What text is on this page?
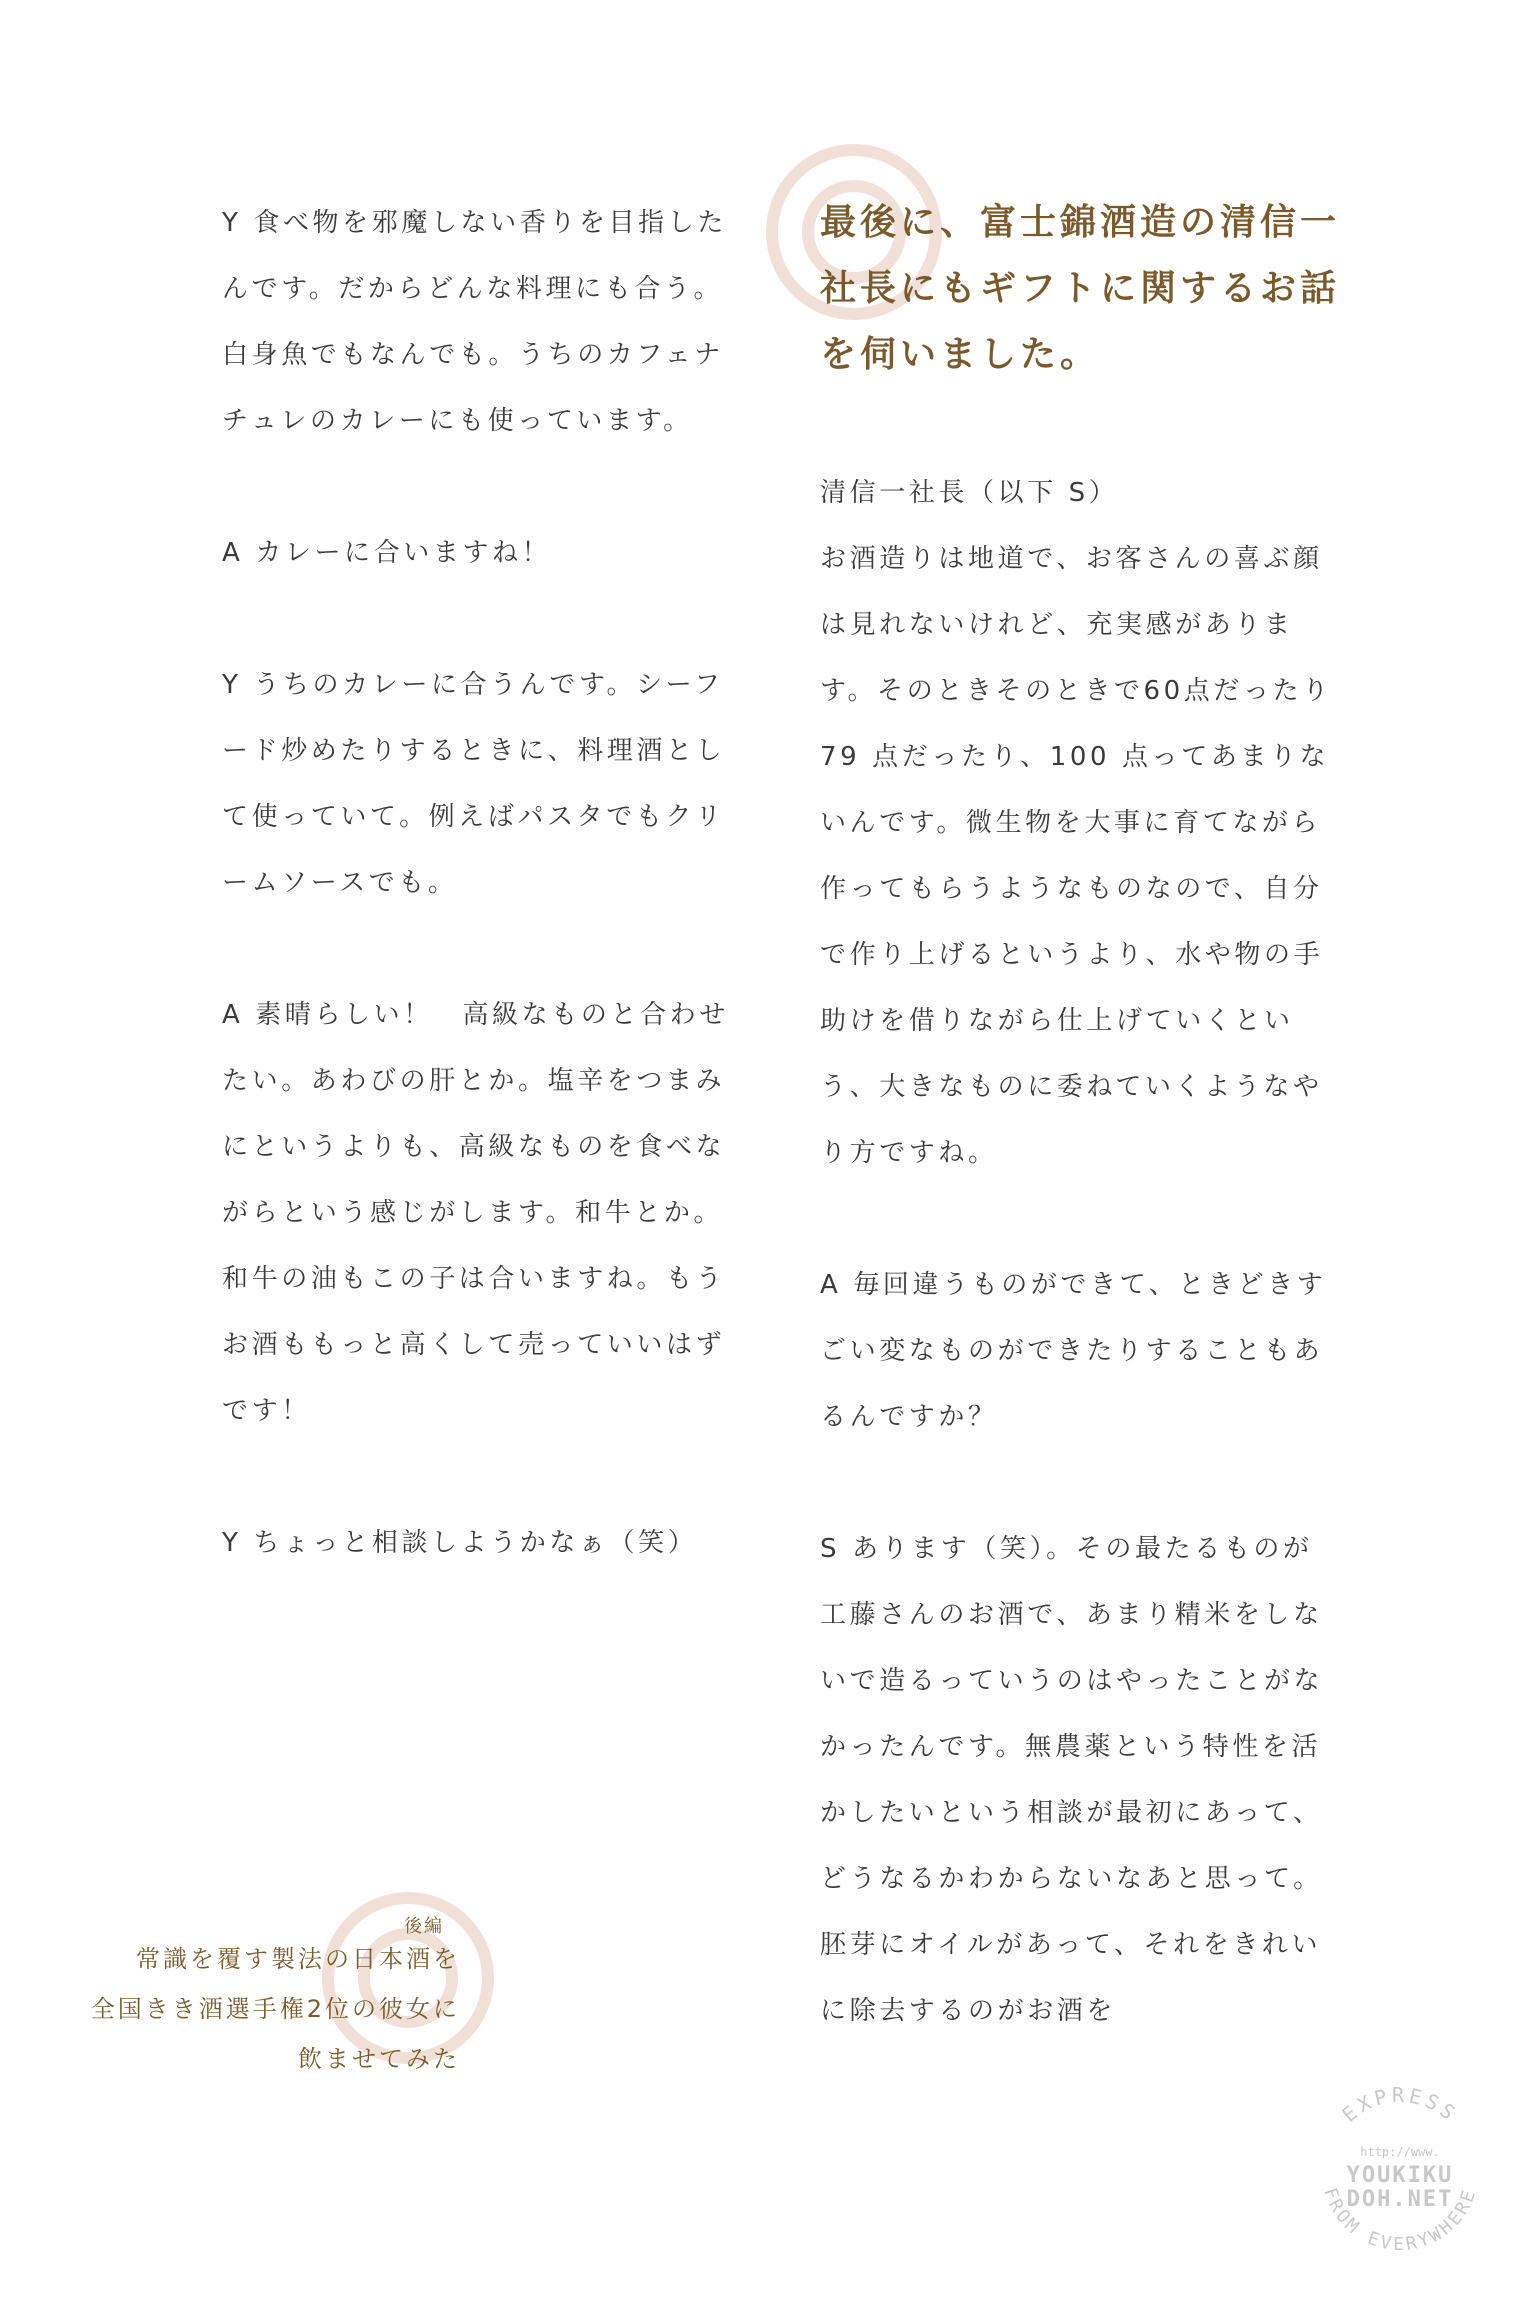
Y 食べ物を邪魔しない香りを目指したんです。だからどんな料理にも合う。白身魚でもなんでも。うちのカフェナチュレのカレーにも使っています。

A カレーに合いますね！

Y うちのカレーに合うんです。シーフード炒めたりするときに、料理酒として使っていて。例えばパスタでもクリームソースでも。

A 素晴らしい！　高級なものと合わせたい。あわびの肝とか。塩辛をつまみにというよりも、高級なものを食べながらという感じがします。和牛とか。和牛の油もこの子は合いますね。もうお酒ももっと高くして売っていいはずです！

Y ちょっと相談しようかなぁ（笑）

最後に、富士錦酒造の清信一社長にもギフトに関するお話を伺いました。

清信一社長（以下 S）

お酒造りは地道で、お客さんの喜ぶ顔は見れないけれど、充実感があります。そのときそのときで60点だったり 79 点だったり、100 点ってあまりないんです。微生物を大事に育てながら作ってもらうようなものなので、自分で作り上げるというより、水や物の手助けを借りながら仕上げていくという、大きなものに委ねていくようなやり方ですね。

A 毎回違うものができて、ときどきすごい変なものができたりすることもあるんですか？

S あります（笑）。その最たるものが工藤さんのお酒で、あまり精米をしないで造るっていうのはやったことがなかったんです。無農薬という特性を活かしたいという相談が最初にあって、どうなるかわからないなあと思って。胚芽にオイルがあって、それをきれいに除去するのがお酒を

後編
常識を覆す製法の日本酒を
全国きき酒選手権2位の彼女に
飲ませてみた
EXPRESS
FROM EVERYWHERE
http://www.
YOUKIKU
DOH.NET
